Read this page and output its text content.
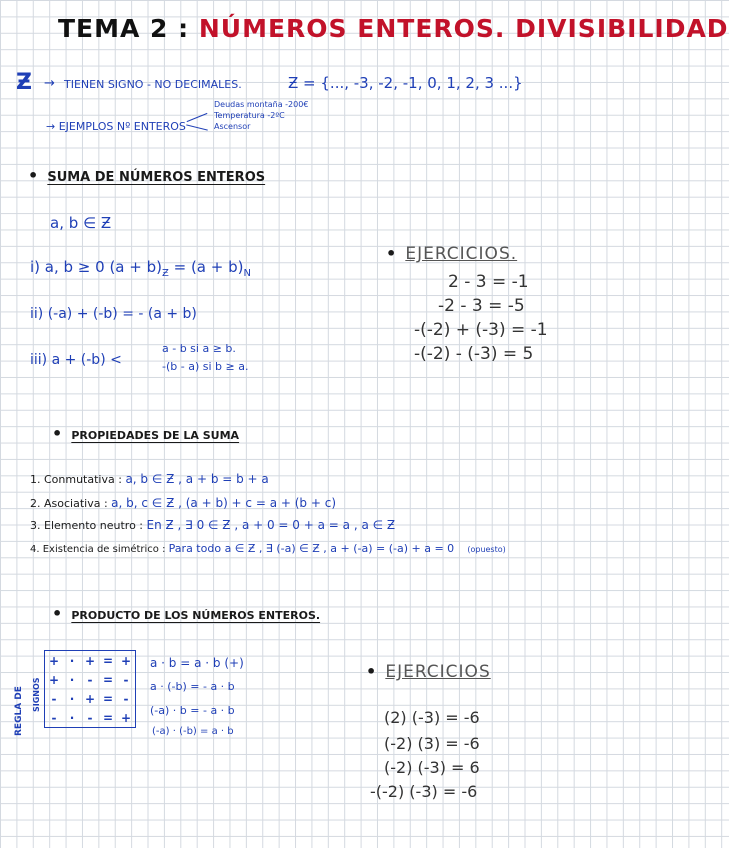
TEMA 2 : NÚMEROS ENTEROS. DIVISIBILIDAD
Ƶ → TIENEN SIGNO - NO DECIMALES.	Ƶ = {..., -3, -2, -1, 0, 1, 2, 3 ...}
→ EJEMPLOS Nº ENTEROS
Deudas montaña -200€
Temperatura -2ºC
Ascensor
• SUMA DE NÚMEROS ENTEROS
a, b ∈ Ƶ
i) a, b ≥ 0 $(a + b)_Ƶ = (a + b)_N$
ii) (-a) + (-b) = - (a + b)
iii) a + (-b) <
a - b si a ≥ b.
-(b - a) si b ≥ a.
• EJERCICIOS.
2 - 3 = -1
-2 - 3 = -5
-(-2) + (-3) = -1
-(-2) - (-3) = 5
• PROPIEDADES DE LA SUMA
1. Conmutativa : a, b ∈ Ƶ , a + b = b + a
2. Asociativa : a, b, c ∈ Ƶ , (a + b) + c = a + (b + c)
3. Elemento neutro : En Ƶ , ∃ 0 ∈ Ƶ , a + 0 = 0 + a = a , a ∈ Ƶ
4. Existencia de simétrico : Para todo a ∈ Ƶ , ∃ (-a) ∈ Ƶ , a + (-a) = (-a) + a = 0 (opuesto)
• PRODUCTO DE LOS NÚMEROS ENTEROS.
REGLA DE SIGNOS
+	·	+	=	+
+	·	-	=	-
-	·	+	=	-
-	·	-	=	+
a · b = a · b (+)
a · (-b) = - a · b
(-a) · b = - a · b
(-a) · (-b) = a · b
• EJERCICIOS
(2) (-3) = -6
(-2) (3) = -6
(-2) (-3) = 6
-(-2) (-3) = -6
